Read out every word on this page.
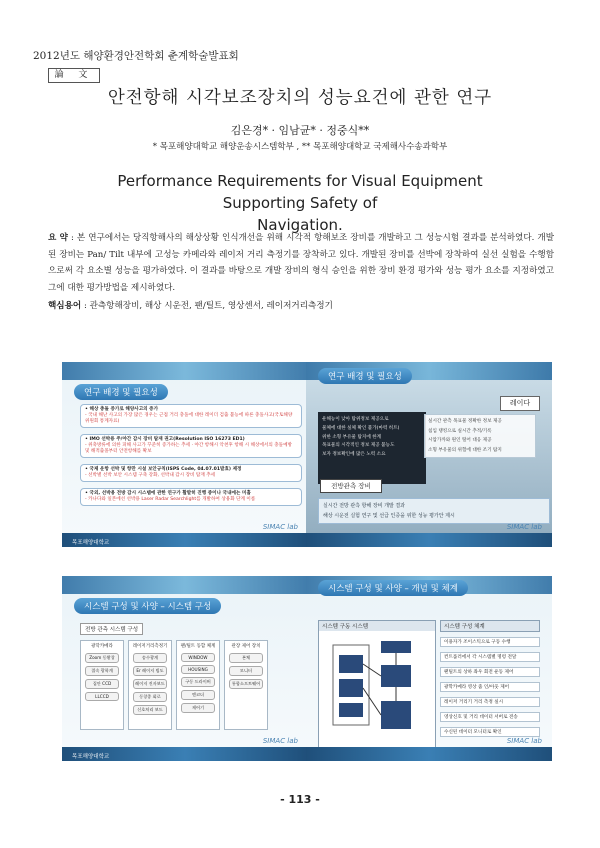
2012년도 해양환경안전학회 춘계학술발표회
論 文
안전항해 시각보조장치의 성능요건에 관한 연구
김은경* · 임남균* · 정중식**
* 목포해양대학교 해양운송시스템학부 , ** 목포해양대학교 국제해사수송과학부
Performance Requirements for Visual Equipment Supporting Safety of
Navigation.
요 약 : 본 연구에서는 당직항해사의 해상상황 인식개선을 위해 시각적 항해보조 장비를 개발하고 그 성능시험 결과를 분석하였다. 개발된 장비는 Pan/ Tilt 내부에 고성능 카메라와 레이저 거리 측정기를 장착하고 있다. 개발된 장비를 선박에 장착하여 실선 실험을 수행함으로써 각 요소별 성능을 평가하였다. 이 결과를 바탕으로 개발 장비의 형식 승인을 위한 장비 환경 평가와 성능 평가 요소를 지정하였고 그에 대한 평가방법을 제시하였다.
핵심용어 : 관측항해장비, 해상 시운전, 팬/틸트, 영상센서, 레이저거리측정기
연구 배경 및 필요성
• 해상 충돌 증가로 해양사고의 증가
- 국내 해난 사고의 가장 많은 경우는 근접 거리 충돌에 대한 레이더 검출 불능에 따른 충돌사고(국토해양 위원회 통계자료)
• IMO 선박용 주/야간 감시 장비 탑재 권고(Resolution ISO 16273 ED1)
- 위축방류에 의한 피해 사고가 꾸준히 증가하는 추세 · 야간 항해시 악천후 항해 시 해상에서의 충돌예방 및 해적출몰부터 안전항해를 확보
• 국제 운항 선박 및 항만 시설 보안규칙(ISPS Code, 04.07.01발효) 제정
- 선박별 선박 보안 시스템 구축 강화, 선박내 감시 장비 탑재 추세
• 국외, 선박용 전방 감시 시스템에 관한 연구가 활발히 진행 중이나 국내에는 미흡
- 카나다와 일본에선 선박용 Laser Radar Searchlight를 개발하여 상용화 단계 이룸
SIMAC lab
목포해양대학교
연구 배경 및 필요성
레이다
운해능이 낮아 탐위정보 제공으로
물체에 대한 실체 확인 불가(마력 히트)
위한 소형 부유물 탐지에 한계
목표물의 시각적인 정보 제공 불능도
보자 정보확인에 많은 노력 소요
실시간 관측 목표물 정확한 정보 제공
침입 탱킹으로 실시간 추적/기록
시압가까와 원인 떨어 대응 제공
소형 부유물의 위험에 대한 조기 탐지
전방관측 장비
실시간 전방 관측 항해 장비 개발 결과
해상 시운전 실험 연구 및 선급 인증을 위한 성능 평가안 제시
SIMAC lab
시스템 구성 및 사양 – 시스템 구성
전방 관측 시스템 구성
광학카메라
Zoom 동황창
접속 광학계
집안 CCD
LLCCD
레이저거리측정기
송수광계
Er 레이저 빔도
레이저 진자보드
동창종 회로
신호처리 보드
팬/틸트 동합 체계
WINDOW
HOUSING
구동 드라이버
엔코더
제어기
관장 제어 장치
본체
모니터
통합소프트웨어
SIMAC lab
목포해양대학교
시스템 구성 및 사양 – 개념 및 체계
시스템 구동 시스템	시스템 구성 체계
이용자가 조이스틱으로 구동 수행
컨트롤러에서 각 시스템별 명령 전달
팬틸트의 상하 좌우 회전 운동 제어
광학카메라 영상 줌 인/아웃 제어
레이저 거리기 거리 측정 실시
영상신호 및 거리 데이터 서버로 전송
수신된 데이터 모니터로 확인
SIMAC lab
- 113 -
